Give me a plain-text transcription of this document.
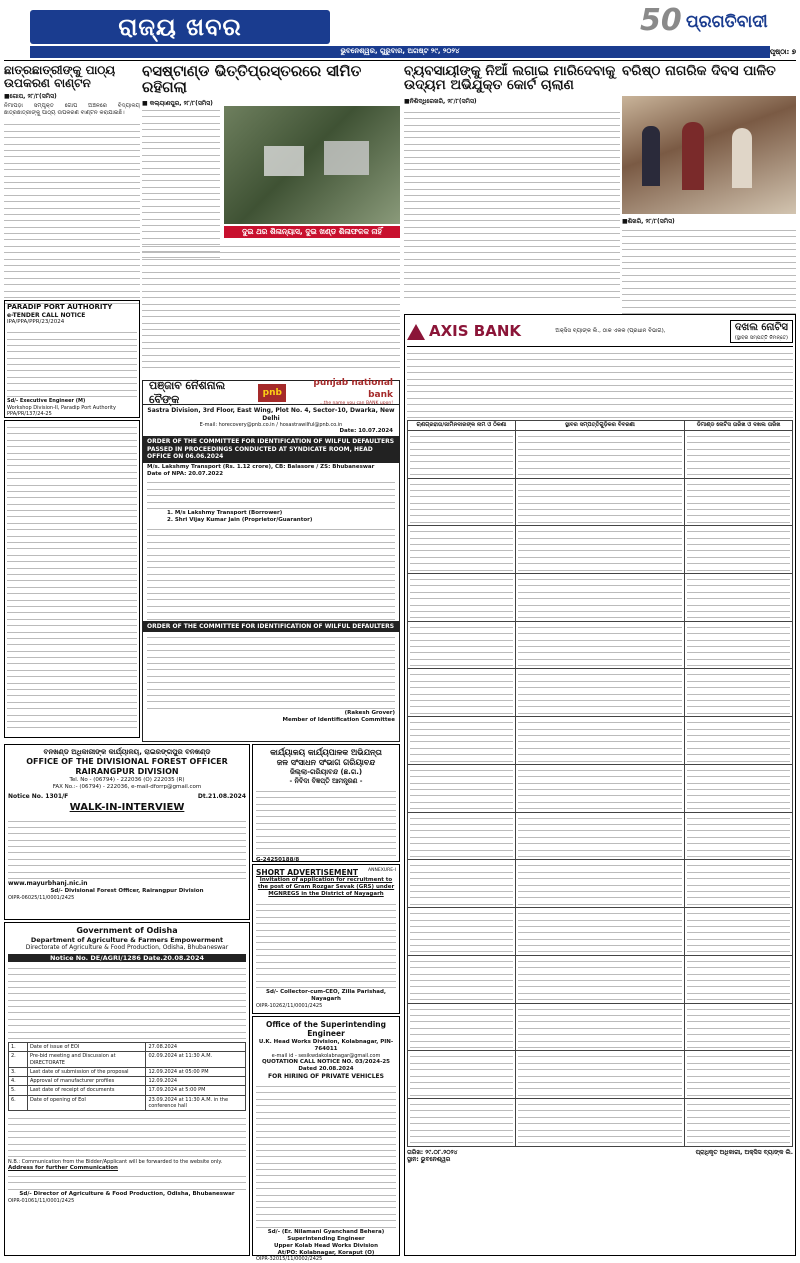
ରାଜ୍ୟ ଖବର
ଭୁବନେଶ୍ୱର, ଗୁରୁବାର, ଅଗଷ୍ଟ ୨୯, ୨୦୨୪
50 ପ୍ରଗତିବାଦୀ
ପୃଷ୍ଠା: ୭
ଛାତ୍ରଛାତ୍ରୀଙ୍କୁ ପାଠ୍ୟ ଉପକରଣ ବାଣ୍ଟନ
■ଗୋପ, ୨୮/୮(ସମିସ)
ନିମାପଡ଼ା ସମ୍ପୃକ୍ତ ଗୋପ ଅଞ୍ଚଳରେ ବିଦ୍ୟାଳୟ ଛାତ୍ରଛାତ୍ରୀଙ୍କୁ ପାଠ୍ୟ ଉପକରଣ ବାଣ୍ଟନ କରାଯାଇଛି।
ବସଷ୍ଟାଣ୍ଡ ଭିତ୍ତିପ୍ରସ୍ତରରେ ସୀମିତ ରହିଗଲା
■ କଲ୍ୟାଣପୁର, ୨୮/୮(ସମିସ)
ଦୁଇ ଥର ଶିଳାନ୍ୟାସ, ଦୁଇ ଖଣ୍ଡ ଶିଳାଫଳକ ନାହିଁ
ବ୍ୟବସାୟୀଙ୍କୁ ନିଆଁ ଲଗାଇ ମାରିଦେବାକୁ ଉଦ୍ୟମ ଅଭିଯୁକ୍ତ କୋର୍ଟ ଚାଲାଣ
■ନିଶିଦ୍ଧିରେଖରି, ୨୮/୮(ସମିସ)
ବରିଷ୍ଠ ନାଗରିକ ଦିବସ ପାଳିତ
■ଶିଖରି, ୨୮/୮(ସମିସ)
PARADIP PORT AUTHORITY
e-TENDER CALL NOTICE
IPA/PPA/PPR/23/2024
Sd/- Executive Engineer (M)
Workshop Division-II, Paradip Port Authority
PPA/PR/137/24-25
ପଞ୍ଜାବ ନୈଶନାଲ ବୈଙ୍କ	pnb
punjab national bank
...the name you can BANK upon!
Sastra Division, 3rd Floor, East Wing, Plot No. 4, Sector-10, Dwarka, New Delhi
E-mail: horecovery@pnb.co.in / hosastrawilful@pnb.co.in
Date: 10.07.2024
ORDER OF THE COMMITTEE FOR IDENTIFICATION OF WILFUL DEFAULTERS PASSED IN PROCEEDINGS CONDUCTED AT SYNDICATE ROOM, HEAD OFFICE ON 06.06.2024
M/s. Lakshmy Transport (Rs. 1.12 crore), CB: Balasore / ZS: Bhubaneswar
Date of NPA: 20.07.2022
1. M/s Lakshmy Transport (Borrower)
2. Shri Vijay Kumar Jain (Proprietor/Guarantor)
ORDER OF THE COMMITTEE FOR IDENTIFICATION OF WILFUL DEFAULTERS
(Rakesh Grover)
Member of Identification Committee
ବନଖଣ୍ଡ ଅଧିକାରୀଙ୍କ କାର୍ଯ୍ୟାଳୟ, ରାଇରଙ୍ଗପୁର ବନଖଣ୍ଡ
OFFICE OF THE DIVISIONAL FOREST OFFICER
RAIRANGPUR DIVISION
Tel. No - (06794) - 222036 (O) 222035 (R)
FAX No.:- (06794) - 222036, e-mail-dforrp@gmail.com
Notice No. 1301/F	Dt.21.08.2024
WALK-IN-INTERVIEW
www.mayurbhanj.nic.in
Sd/- Divisional Forest Officer, Rairangpur Division
OIPR-06025/11/0001/2425
କାର୍ଯ୍ୟାଳୟ କାର୍ଯ୍ୟପାଳକ ଅଭିଯନ୍ତା
ଜଳ ସଂସାଧନ ସଂଭାଗ ଗରିୟାବନ୍ଦ
ଜିଲ୍ଲା-ଗରିୟାବନ୍ଦ (ଛ.ଗ.)
- ନିବିଦା ବିଜ୍ଞପ୍ତି ଆମନ୍ତ୍ରଣ -
G-24250188/8
SHORT ADVERTISEMENT ANNEXURE-I
Invitation of application for recruitment to the post of Gram Rozgar Sevak (GRS) under MGNREGS in the District of Nayagarh
Sd/- Collector-cum-CEO, Zilla Parishad, Nayagarh
OIPR-10262/11/0001/2425
Government of Odisha
Department of Agriculture & Farmers Empowerment
Directorate of Agriculture & Food Production, Odisha, Bhubaneswar
Notice No. DE/AGRI/1286 Date.20.08.2024
1.	Date of issue of EOI	27.08.2024
2.	Pre-bid meeting and Discussion at DIRECTORATE	02.09.2024 at 11:30 A.M.
3.	Last date of submission of the proposal	12.09.2024 at 05:00 PM
4.	Approval of manufacturer profiles	12.09.2024
5.	Last date of receipt of documents	17.09.2024 at 5:00 PM
6.	Date of opening of EoI	23.09.2024 at 11:30 A.M. in the conference hall
N.B.: Communication from the Bidder/Applicant will be forwarded to the website only.
Address for further Communication
Sd/- Director of Agriculture & Food Production, Odisha, Bhubaneswar
OIPR-01061/11/0001/2425
Office of the Superintending Engineer
U.K. Head Works Division, Kolabnagar, PIN-764011
e-mail id - sesikwdakolabnagar@gmail.com
QUOTATION CALL NOTICE NO. 03/2024-25 Dated 20.08.2024
FOR HIRING OF PRIVATE VEHICLES
Sd/- (Er. Nilamani Gyanchand Behera)
Superintending Engineer
Upper Kolab Head Works Division
At/PO: Kolabnagar, Koraput (O)
OIPR-32015/11/0002/2425
AXIS BANK	ଅକ୍ସିସ ବ୍ୟାଙ୍କ ଲି., ଠାକ ଏକକ (ପ୍ରଧାନ ବିଭାଗ),	ଦଖଲ ନୋଟିସ
(ସ୍ଥାବର ସମ୍ପତ୍ତି ନିମନ୍ତେ)
ଋଣଗ୍ରହୀତା/ଜାମିନଦାରଙ୍କ ନାମ ଓ ଠିକଣା	ସ୍ଥାବର ସମ୍ପତ୍ତିଗୁଡ଼ିକର ବିବରଣୀ	ଡିମାଣ୍ଡ ନୋଟିସ ତାରିଖ ଓ ଦଖଲ ତାରିଖ

ତାରିଖ: ୨୯.୦୮.୨୦୨୪
ସ୍ଥାନ: ଭୁବନେଶ୍ୱର
ପ୍ରାଧିକୃତ ଅଧିକାରୀ, ଅକ୍ସିସ ବ୍ୟାଙ୍କ ଲି.
